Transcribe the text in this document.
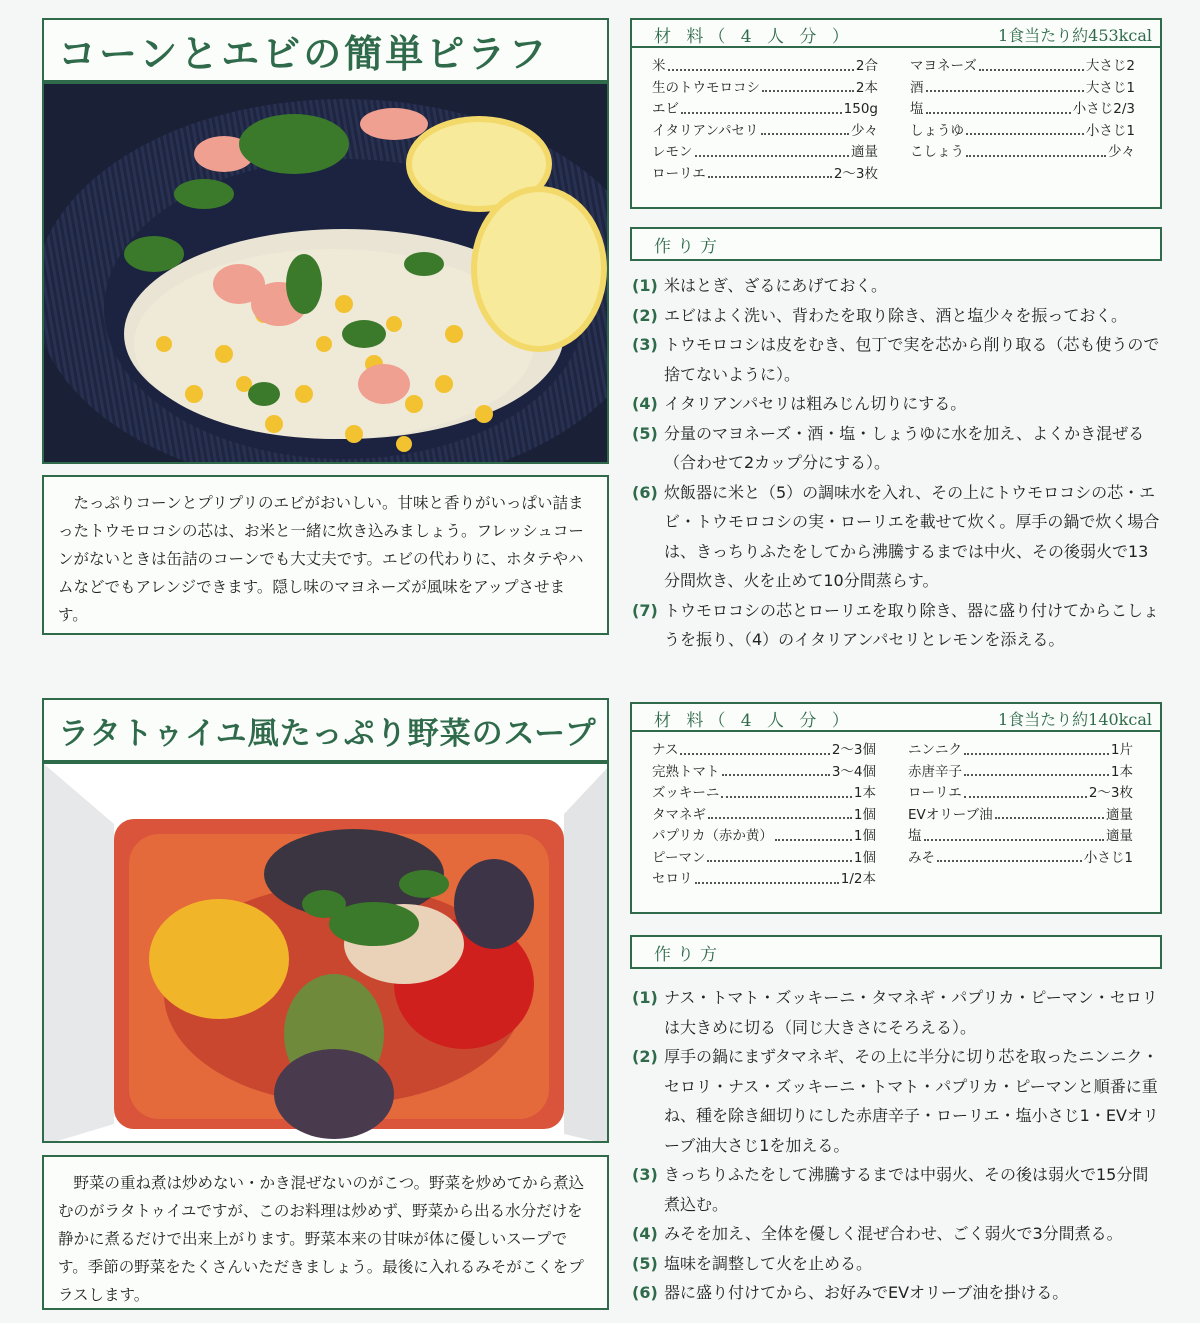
コーンとエビの簡単ピラフ

たっぷりコーンとプリプリのエビがおいしい。甘味と香りがいっぱい詰まったトウモロコシの芯は、お米と一緒に炊き込みましょう。フレッシュコーンがないときは缶詰のコーンでも大丈夫です。エビの代わりに、ホタテやハムなどでもアレンジできます。隠し味のマヨネーズが風味をアップさせます。

材 料（ 4 人 分 ）	1食当たり約453kcal
米	2合
生のトウモロコシ	2本
エビ	150g
イタリアンパセリ	少々
レモン	適量
ローリエ	2〜3枚
マヨネーズ	大さじ2
酒	大さじ1
塩	小さじ2/3
しょうゆ	小さじ1
こしょう	少々
作り方
(1) 米はとぎ、ざるにあげておく。
(2) エビはよく洗い、背わたを取り除き、酒と塩少々を振っておく。
(3) トウモロコシは皮をむき、包丁で実を芯から削り取る（芯も使うので捨てないように）。
(4) イタリアンパセリは粗みじん切りにする。
(5) 分量のマヨネーズ・酒・塩・しょうゆに水を加え、よくかき混ぜる（合わせて2カップ分にする）。
(6) 炊飯器に米と（5）の調味水を入れ、その上にトウモロコシの芯・エビ・トウモロコシの実・ローリエを載せて炊く。厚手の鍋で炊く場合は、きっちりふたをしてから沸騰するまでは中火、その後弱火で13分間炊き、火を止めて10分間蒸らす。
(7) トウモロコシの芯とローリエを取り除き、器に盛り付けてからこしょうを振り、（4）のイタリアンパセリとレモンを添える。
ラタトゥイユ風たっぷり野菜のスープ

野菜の重ね煮は炒めない・かき混ぜないのがこつ。野菜を炒めてから煮込むのがラタトゥイユですが、このお料理は炒めず、野菜から出る水分だけを静かに煮るだけで出来上がります。野菜本来の甘味が体に優しいスープです。季節の野菜をたくさんいただきましょう。最後に入れるみそがこくをプラスします。

材 料（ 4 人 分 ）	1食当たり約140kcal
ナス	2〜3個
完熟トマト	3〜4個
ズッキーニ	1本
タマネギ	1個
パプリカ（赤か黄）	1個
ピーマン	1個
セロリ	1/2本
ニンニク	1片
赤唐辛子	1本
ローリエ	2〜3枚
EVオリーブ油	適量
塩	適量
みそ	小さじ1
作り方
(1) ナス・トマト・ズッキーニ・タマネギ・パプリカ・ピーマン・セロリは大きめに切る（同じ大きさにそろえる）。
(2) 厚手の鍋にまずタマネギ、その上に半分に切り芯を取ったニンニク・セロリ・ナス・ズッキーニ・トマト・パプリカ・ピーマンと順番に重ね、種を除き細切りにした赤唐辛子・ローリエ・塩小さじ1・EVオリーブ油大さじ1を加える。
(3) きっちりふたをして沸騰するまでは中弱火、その後は弱火で15分間煮込む。
(4) みそを加え、全体を優しく混ぜ合わせ、ごく弱火で3分間煮る。
(5) 塩味を調整して火を止める。
(6) 器に盛り付けてから、お好みでEVオリーブ油を掛ける。
